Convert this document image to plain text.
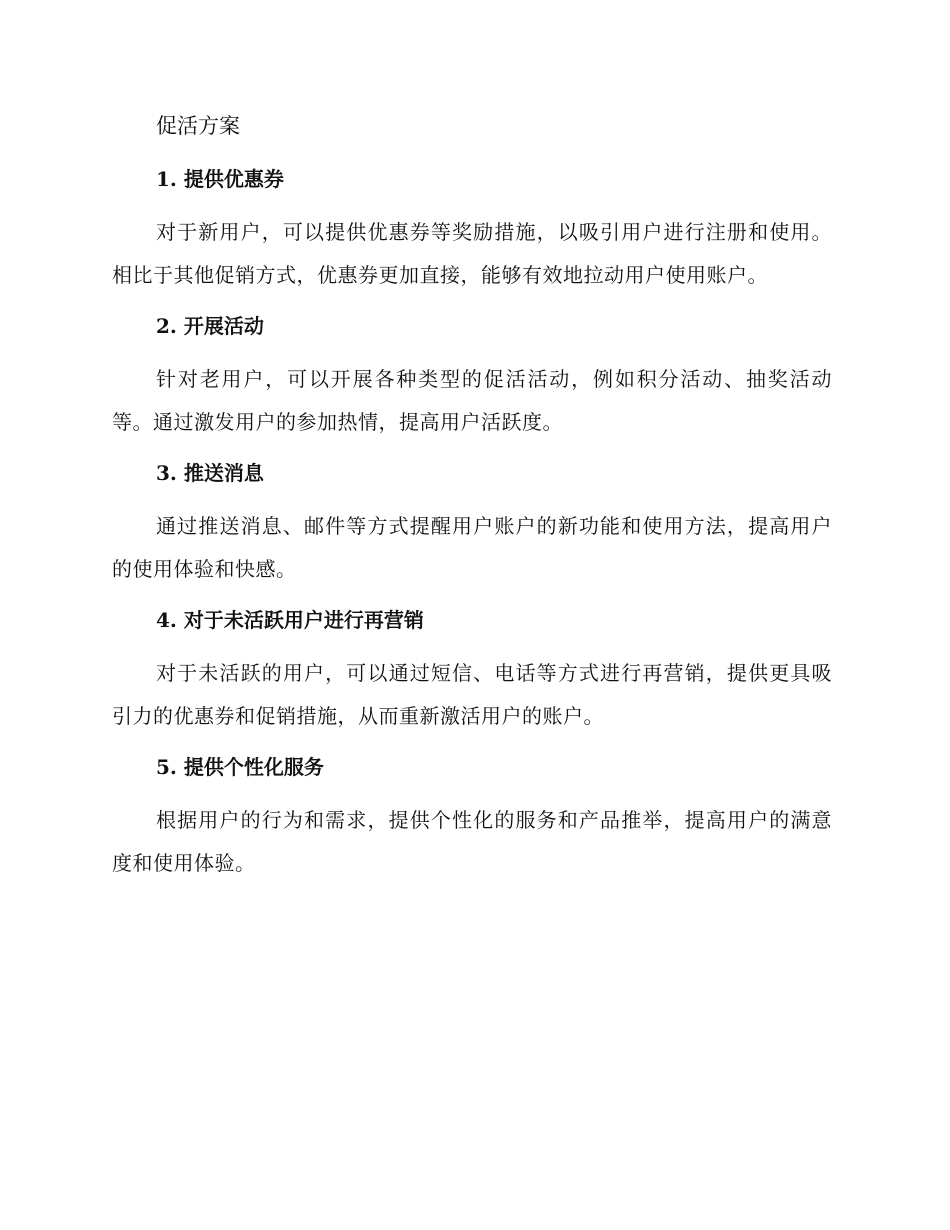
促活方案
1. 提供优惠券

对于新用户，可以提供优惠券等奖励措施，以吸引用户进行注册和使用。相比于其他促销方式，优惠券更加直接，能够有效地拉动用户使用账户。

2. 开展活动

针对老用户，可以开展各种类型的促活活动，例如积分活动、抽奖活动等。通过激发用户的参加热情，提高用户活跃度。

3. 推送消息

通过推送消息、邮件等方式提醒用户账户的新功能和使用方法，提高用户的使用体验和快感。

4. 对于未活跃用户进行再营销

对于未活跃的用户，可以通过短信、电话等方式进行再营销，提供更具吸引力的优惠券和促销措施，从而重新激活用户的账户。

5. 提供个性化服务

根据用户的行为和需求，提供个性化的服务和产品推举，提高用户的满意度和使用体验。
